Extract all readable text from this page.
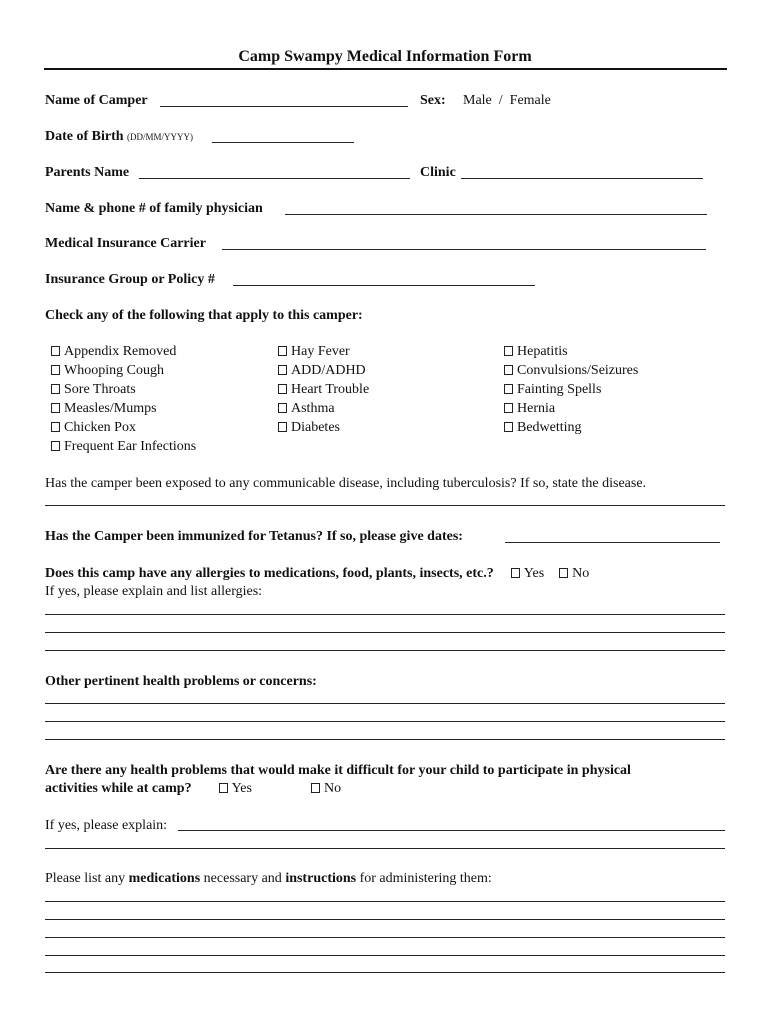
Camp Swampy Medical Information Form
Name of Camper	Sex: Male  /  Female
Date of Birth (DD/MM/YYYY)
Parents Name	Clinic
Name & phone # of family physician
Medical Insurance Carrier
Insurance Group or Policy #
Check any of the following that apply to this camper:
Appendix Removed
Whooping Cough
Sore Throats
Measles/Mumps
Chicken Pox
Frequent Ear Infections
Hay Fever
ADD/ADHD
Heart Trouble
Asthma
Diabetes
Hepatitis
Convulsions/Seizures
Fainting Spells
Hernia
Bedwetting
Has the camper been exposed to any communicable disease, including tuberculosis? If so, state the disease.
Has the Camper been immunized for Tetanus? If so, please give dates:
Does this camp have any allergies to medications, food, plants, insects, etc.? Yes No
If yes, please explain and list allergies:
Other pertinent health problems or concerns:
Are there any health problems that would make it difficult for your child to participate in physical
activities while at camp?	Yes	No
If yes, please explain:
Please list any medications necessary and instructions for administering them:
